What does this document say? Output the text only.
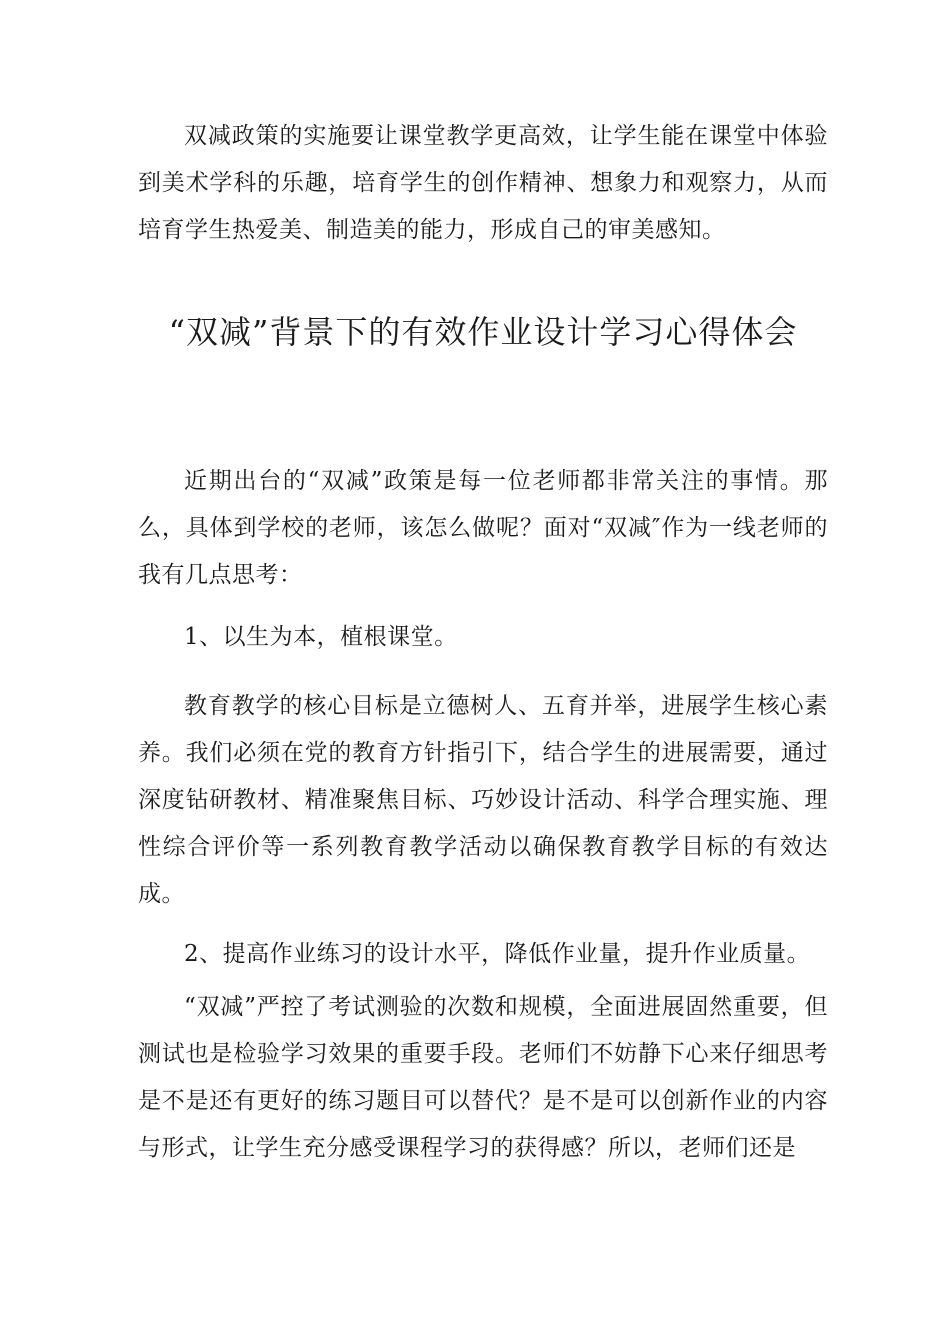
双减政策的实施要让课堂教学更高效，让学生能在课堂中体验到美术学科的乐趣，培育学生的创作精神、想象力和观察力，从而培育学生热爱美、制造美的能力，形成自己的审美感知。

“双减”背景下的有效作业设计学习心得体会

近期出台的“双减”政策是每一位老师都非常关注的事情。那么，具体到学校的老师，该怎么做呢？面对“双减″作为一线老师的我有几点思考：

1、以生为本，植根课堂。

教育教学的核心目标是立德树人、五育并举，进展学生核心素养。我们必须在党的教育方针指引下，结合学生的进展需要，通过深度钻研教材、精准聚焦目标、巧妙设计活动、科学合理实施、理性综合评价等一系列教育教学活动以确保教育教学目标的有效达成。

2、提高作业练习的设计水平，降低作业量，提升作业质量。

“双减”严控了考试测验的次数和规模，全面进展固然重要，但测试也是检验学习效果的重要手段。老师们不妨静下心来仔细思考是不是还有更好的练习题目可以替代？是不是可以创新作业的内容与形式，让学生充分感受课程学习的获得感？所以，老师们还是
